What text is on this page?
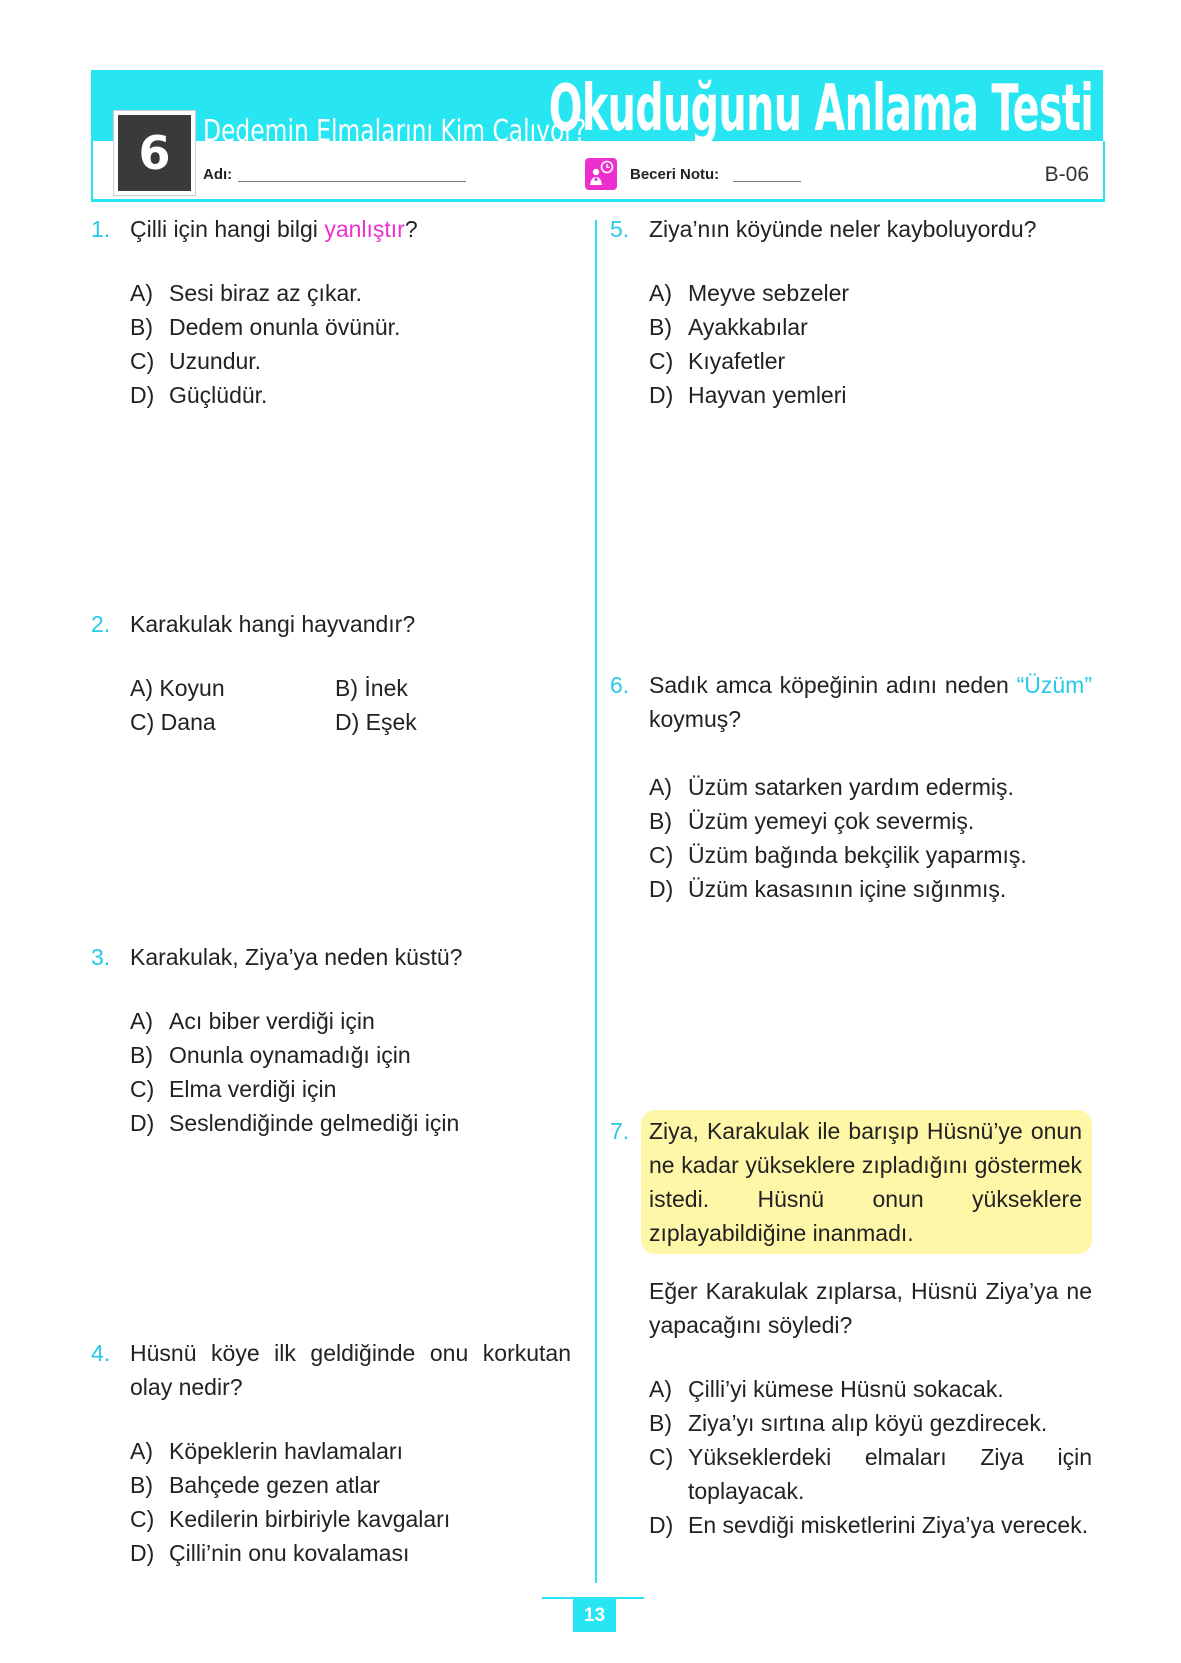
6	Dedemin Elmalarını Kim Çalıyor?
Okuduğunu Anlama Testi
Adı:	Beceri Notu:	B-06
1. Çilli için hangi bilgi yanlıştır?
A) Sesi biraz az çıkar.
B) Dedem onunla övünür.
C) Uzundur.
D) Güçlüdür.
2. Karakulak hangi hayvandır?
A) Koyun	B) İnek
C) Dana	D) Eşek
3. Karakulak, Ziya’ya neden küstü?
A) Acı biber verdiği için
B) Onunla oynamadığı için
C) Elma verdiği için
D) Seslendiğinde gelmediği için
4. Hüsnü köye ilk geldiğinde onu korkutan olay nedir?
A) Köpeklerin havlamaları
B) Bahçede gezen atlar
C) Kedilerin birbiriyle kavgaları
D) Çilli’nin onu kovalaması
5. Ziya’nın köyünde neler kayboluyordu?
A) Meyve sebzeler
B) Ayakkabılar
C) Kıyafetler
D) Hayvan yemleri
6. Sadık amca köpeğinin adını neden “Üzüm” koymuş?
A) Üzüm satarken yardım edermiş.
B) Üzüm yemeyi çok severmiş.
C) Üzüm bağında bekçilik yaparmış.
D) Üzüm kasasının içine sığınmış.
7. Ziya, Karakulak ile barışıp Hüsnü’ye onun ne kadar yükseklere zıpladığını göstermek istedi. Hüsnü onun yükseklere zıplayabildiğine inanmadı.
Eğer Karakulak zıplarsa, Hüsnü Ziya’ya ne yapacağını söyledi?
A) Çilli’yi kümese Hüsnü sokacak.
B) Ziya’yı sırtına alıp köyü gezdirecek.
C) Yükseklerdeki elmaları Ziya için toplayacak.
D) En sevdiği misketlerini Ziya’ya verecek.
13
